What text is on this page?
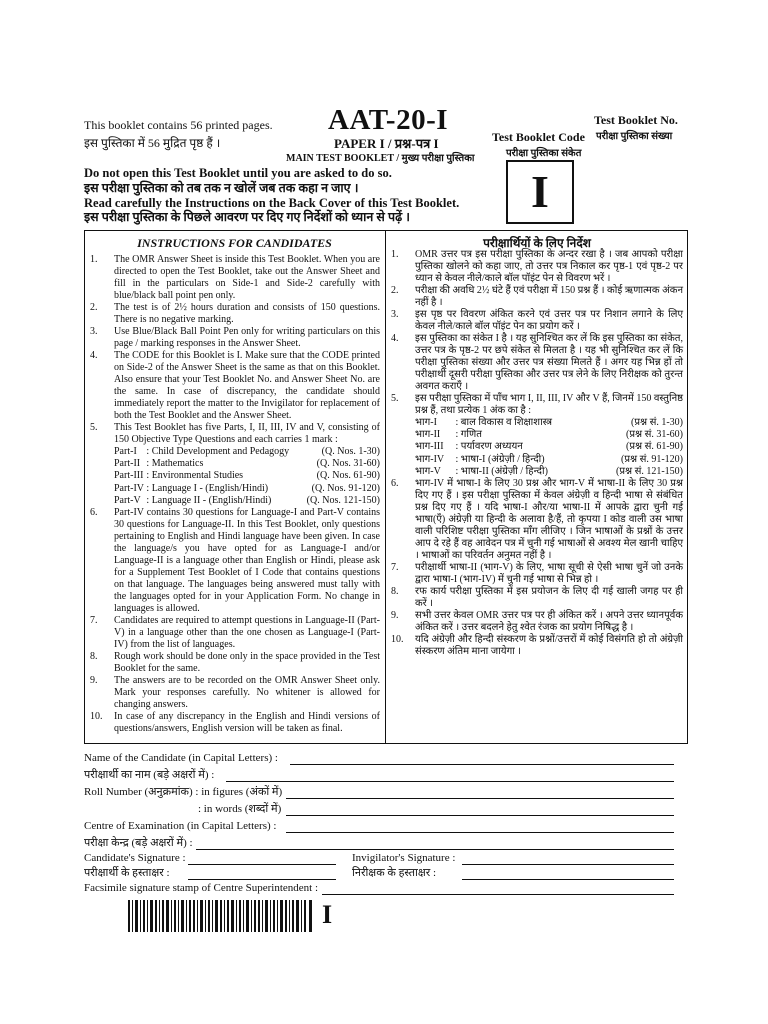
This booklet contains 56 printed pages.
इस पुस्तिका में 56 मुद्रित पृष्ठ हैं ।
AAT-20-I
PAPER I / प्रश्न-पत्र I
MAIN TEST BOOKLET / मुख्य परीक्षा पुस्तिका
Test Booklet Code
परीक्षा पुस्तिका संकेत
Test Booklet No.
परीक्षा पुस्तिका संख्या
I
Do not open this Test Booklet until you are asked to do so.
इस परीक्षा पुस्तिका को तब तक न खोलें जब तक कहा न जाए ।
Read carefully the Instructions on the Back Cover of this Test Booklet.
इस परीक्षा पुस्तिका के पिछले आवरण पर दिए गए निर्देशों को ध्यान से पढ़ें ।
INSTRUCTIONS FOR CANDIDATES	परीक्षार्थियों के लिए निर्देश
1. The OMR Answer Sheet is inside this Test Booklet. When you are directed to open the Test Booklet, take out the Answer Sheet and fill in the particulars on Side-1 and Side-2 carefully with blue/black ball point pen only.
2. The test is of 2½ hours duration and consists of 150 questions. There is no negative marking.
3. Use Blue/Black Ball Point Pen only for writing particulars on this page / marking responses in the Answer Sheet.
4. The CODE for this Booklet is I. Make sure that the CODE printed on Side-2 of the Answer Sheet is the same as that on this Booklet. Also ensure that your Test Booklet No. and Answer Sheet No. are the same. In case of discrepancy, the candidate should immediately report the matter to the Invigilator for replacement of both the Test Booklet and the Answer Sheet.
5. This Test Booklet has five Parts, I, II, III, IV and V, consisting of 150 Objective Type Questions and each carries 1 mark :
Part-I	: Child Development and Pedagogy	(Q. Nos. 1-30)
Part-II	: Mathematics	(Q. Nos. 31-60)
Part-III	: Environmental Studies	(Q. Nos. 61-90)
Part-IV	: Language I - (English/Hindi)	(Q. Nos. 91-120)
Part-V	: Language II - (English/Hindi)	(Q. Nos. 121-150)
6. Part-IV contains 30 questions for Language-I and Part-V contains 30 questions for Language-II. In this Test Booklet, only questions pertaining to English and Hindi language have been given. In case the language/s you have opted for as Language-I and/or Language-II is a language other than English or Hindi, please ask for a Supplement Test Booklet of I Code that contains questions on that language. The languages being answered must tally with the languages opted for in your Application Form. No change in languages is allowed.
7. Candidates are required to attempt questions in Language-II (Part-V) in a language other than the one chosen as Language-I (Part-IV) from the list of languages.
8. Rough work should be done only in the space provided in the Test Booklet for the same.
9. The answers are to be recorded on the OMR Answer Sheet only. Mark your responses carefully. No whitener is allowed for changing answers.
10. In case of any discrepancy in the English and Hindi versions of questions/answers, English version will be taken as final.
1. OMR उत्तर पत्र इस परीक्षा पुस्तिका के अन्दर रखा है । जब आपको परीक्षा पुस्तिका खोलने को कहा जाए, तो उत्तर पत्र निकाल कर पृष्ठ-1 एवं पृष्ठ-2 पर ध्यान से केवल नीले/काले बॉल पॉइंट पेन से विवरण भरें ।
2. परीक्षा की अवधि 2½ घंटे हैं एवं परीक्षा में 150 प्रश्न हैं । कोई ऋणात्मक अंकन नहीं है ।
3. इस पृष्ठ पर विवरण अंकित करने एवं उत्तर पत्र पर निशान लगाने के लिए केवल नीले/काले बॉल पॉइंट पेन का प्रयोग करें ।
4. इस पुस्तिका का संकेत I है । यह सुनिश्चित कर लें कि इस पुस्तिका का संकेत, उत्तर पत्र के पृष्ठ-2 पर छपे संकेत से मिलता है । यह भी सुनिश्चित कर लें कि परीक्षा पुस्तिका संख्या और उत्तर पत्र संख्या मिलते हैं । अगर यह भिन्न हों तो परीक्षार्थी दूसरी परीक्षा पुस्तिका और उत्तर पत्र लेने के लिए निरीक्षक को तुरन्त अवगत कराएँ ।
5. इस परीक्षा पुस्तिका में पाँच भाग I, II, III, IV और V हैं, जिनमें 150 वस्तुनिष्ठ प्रश्न हैं, तथा प्रत्येक 1 अंक का है :
भाग-I	: बाल विकास व शिक्षाशास्त्र	(प्रश्न सं. 1-30)
भाग-II	: गणित	(प्रश्न सं. 31-60)
भाग-III	: पर्यावरण अध्ययन	(प्रश्न सं. 61-90)
भाग-IV	: भाषा-I (अंग्रेज़ी / हिन्दी)	(प्रश्न सं. 91-120)
भाग-V	: भाषा-II (अंग्रेज़ी / हिन्दी)	(प्रश्न सं. 121-150)
6. भाग-IV में भाषा-I के लिए 30 प्रश्न और भाग-V में भाषा-II के लिए 30 प्रश्न दिए गए हैं । इस परीक्षा पुस्तिका में केवल अंग्रेज़ी व हिन्दी भाषा से संबंधित प्रश्न दिए गए हैं । यदि भाषा-I और/या भाषा-II में आपके द्वारा चुनी गई भाषा(एँ) अंग्रेज़ी या हिन्दी के अलावा है/हैं, तो कृपया I कोड वाली उस भाषा वाली परिशिष्ट परीक्षा पुस्तिका माँग लीजिए । जिन भाषाओं के प्रश्नों के उत्तर आप दे रहे हैं वह आवेदन पत्र में चुनी गई भाषाओं से अवश्य मेल खानी चाहिए । भाषाओं का परिवर्तन अनुमत नहीं है ।
7. परीक्षार्थी भाषा-II (भाग-V) के लिए, भाषा सूची से ऐसी भाषा चुनें जो उनके द्वारा भाषा-I (भाग-IV) में चुनी गई भाषा से भिन्न हो ।
8. रफ कार्य परीक्षा पुस्तिका में इस प्रयोजन के लिए दी गई खाली जगह पर ही करें ।
9. सभी उत्तर केवल OMR उत्तर पत्र पर ही अंकित करें । अपने उत्तर ध्यानपूर्वक अंकित करें । उत्तर बदलने हेतु श्वेत रंजक का प्रयोग निषिद्ध है ।
10. यदि अंग्रेज़ी और हिन्दी संस्करण के प्रश्नों/उत्तरों में कोई विसंगति हो तो अंग्रेज़ी संस्करण अंतिम माना जायेगा ।
Name of the Candidate (in Capital Letters) :
परीक्षार्थी का नाम (बड़े अक्षरों में) :
Roll Number (अनुक्रमांक) : in figures (अंकों में)
: in words (शब्दों में)
Centre of Examination (in Capital Letters) :
परीक्षा केन्द्र (बड़े अक्षरों में) :
Candidate's Signature :
परीक्षार्थी के हस्ताक्षर :
Invigilator's Signature :
निरीक्षक के हस्ताक्षर :
Facsimile signature stamp of Centre Superintendent :
I
